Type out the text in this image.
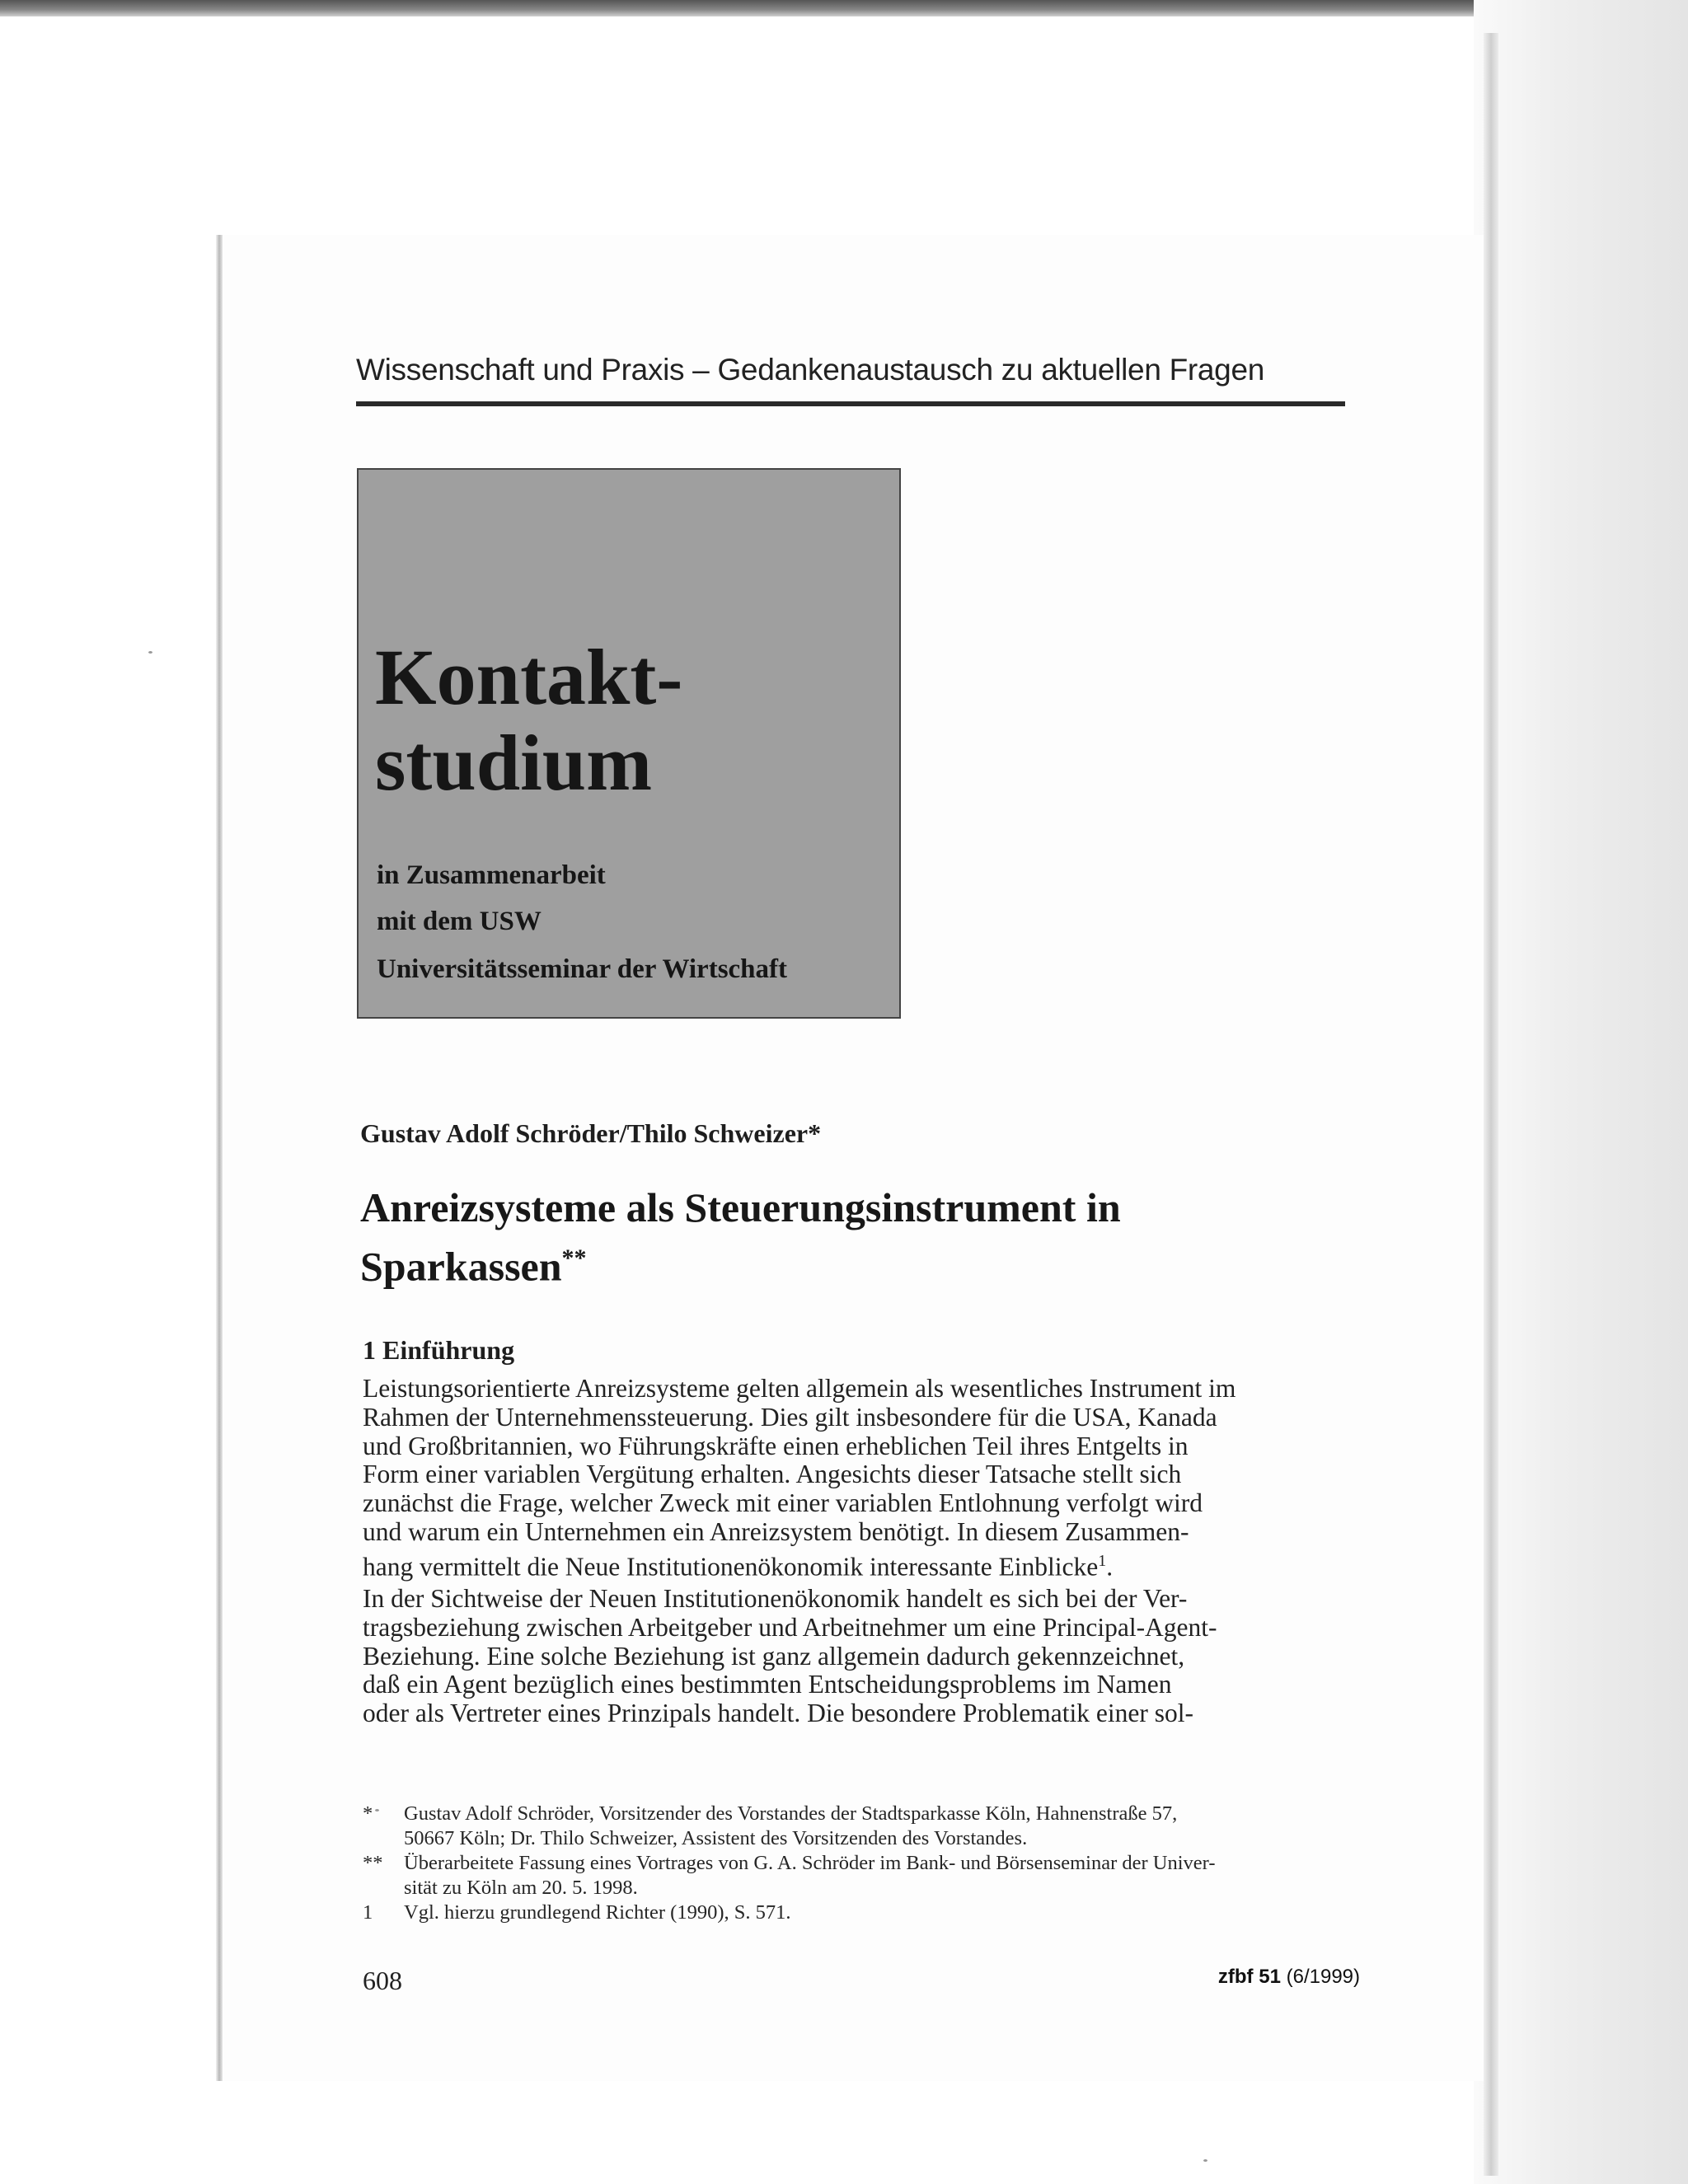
Wissenschaft und Praxis – Gedankenaustausch zu aktuellen Fragen
Kontakt-
studium
in Zusammenarbeit
mit dem USW
Universitätsseminar der Wirtschaft
Gustav Adolf Schröder/Thilo Schweizer*
Anreizsysteme als Steuerungsinstrument in
Sparkassen**
1 Einführung
Leistungsorientierte Anreizsysteme gelten allgemein als wesentliches Instrument im
Rahmen der Unternehmenssteuerung. Dies gilt insbesondere für die USA, Kanada
und Großbritannien, wo Führungskräfte einen erheblichen Teil ihres Entgelts in
Form einer variablen Vergütung erhalten. Angesichts dieser Tatsache stellt sich
zunächst die Frage, welcher Zweck mit einer variablen Entlohnung verfolgt wird
und warum ein Unternehmen ein Anreizsystem benötigt. In diesem Zusammen-
hang vermittelt die Neue Institutionenökonomik interessante Einblicke$^1$.
In der Sichtweise der Neuen Institutionenökonomik handelt es sich bei der Ver-
tragsbeziehung zwischen Arbeitgeber und Arbeitnehmer um eine Principal-Agent-
Beziehung. Eine solche Beziehung ist ganz allgemein dadurch gekennzeichnet,
daß ein Agent bezüglich eines bestimmten Entscheidungsproblems im Namen
oder als Vertreter eines Prinzipals handelt. Die besondere Problematik einer sol-
* Gustav Adolf Schröder, Vorsitzender des Vorstandes der Stadtsparkasse Köln, Hahnenstraße 57,
50667 Köln; Dr. Thilo Schweizer, Assistent des Vorsitzenden des Vorstandes.
** Überarbeitete Fassung eines Vortrages von G. A. Schröder im Bank- und Börsenseminar der Univer-
sität zu Köln am 20. 5. 1998.
1 Vgl. hierzu grundlegend Richter (1990), S. 571.
608	zfbf 51 (6/1999)
